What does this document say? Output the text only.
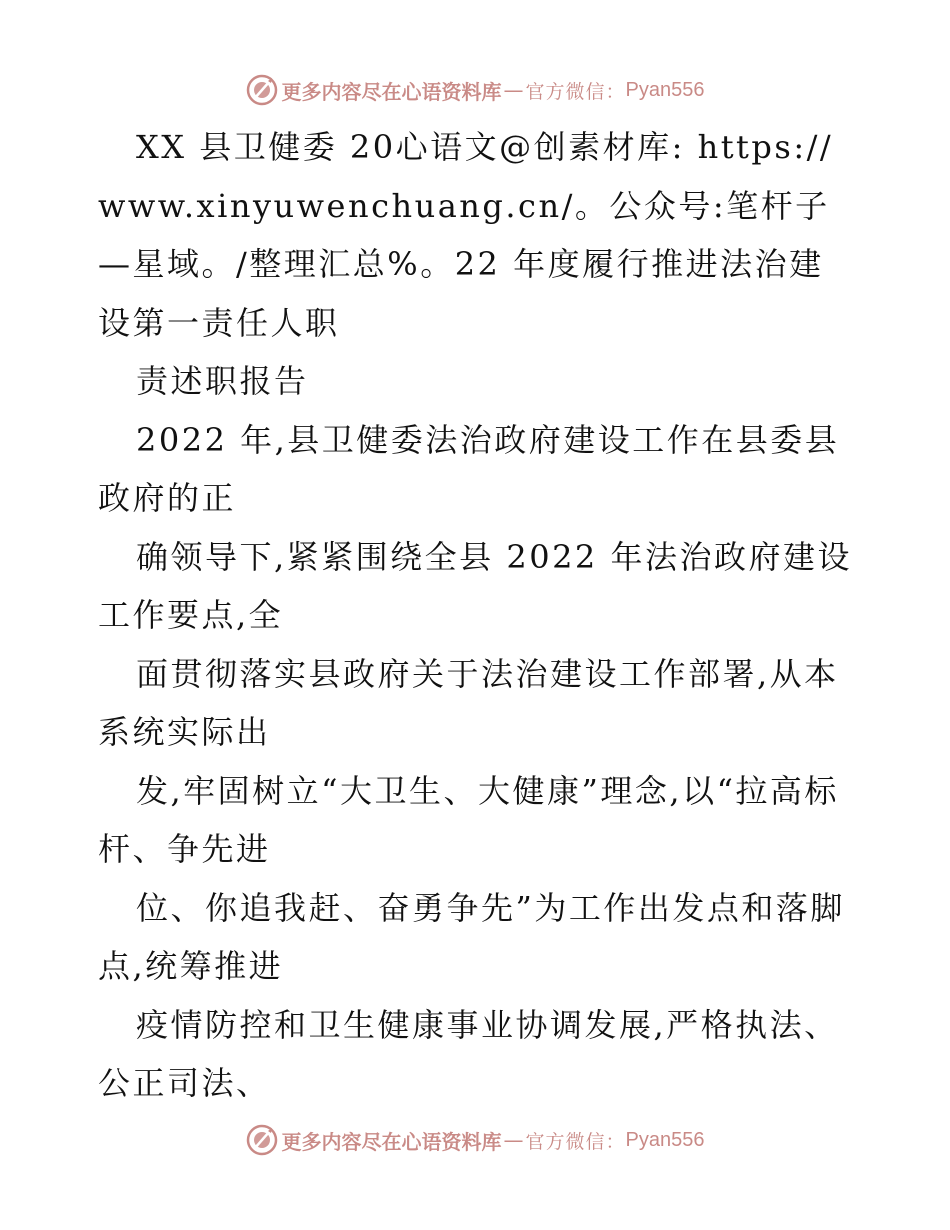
更多内容尽在心语资料库 — 官方微信： Pyan556

XX 县卫健委 20心语文@创素材库: https://www.xinyuwenchuang.cn/。公众号:笔杆子—星域。/整理汇总%。22 年度履行推进法治建设第一责任人职

责述职报告

2022 年,县卫健委法治政府建设工作在县委县政府的正

确领导下,紧紧围绕全县 2022 年法治政府建设工作要点,全

面贯彻落实县政府关于法治建设工作部署,从本系统实际出

发,牢固树立“大卫生、大健康”理念,以“拉高标杆、争先进

位、你追我赶、奋勇争先”为工作出发点和落脚点,统筹推进

疫情防控和卫生健康事业协调发展,严格执法、公正司法、

更多内容尽在心语资料库 — 官方微信： Pyan556
